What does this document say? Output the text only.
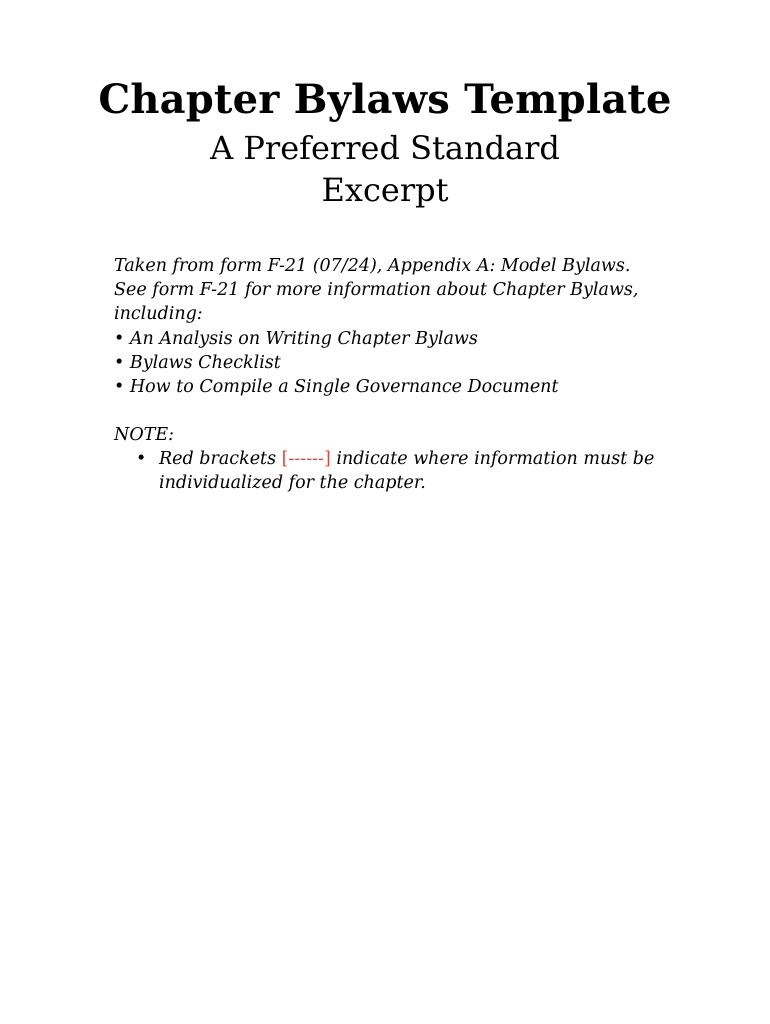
Chapter Bylaws Template
A Preferred Standard
Excerpt
Taken from form F-21 (07/24), Appendix A: Model Bylaws.
See form F-21 for more information about Chapter Bylaws,
including:
• An Analysis on Writing Chapter Bylaws
• Bylaws Checklist
• How to Compile a Single Governance Document
NOTE:
• Red brackets [------] indicate where information must be
individualized for the chapter.
